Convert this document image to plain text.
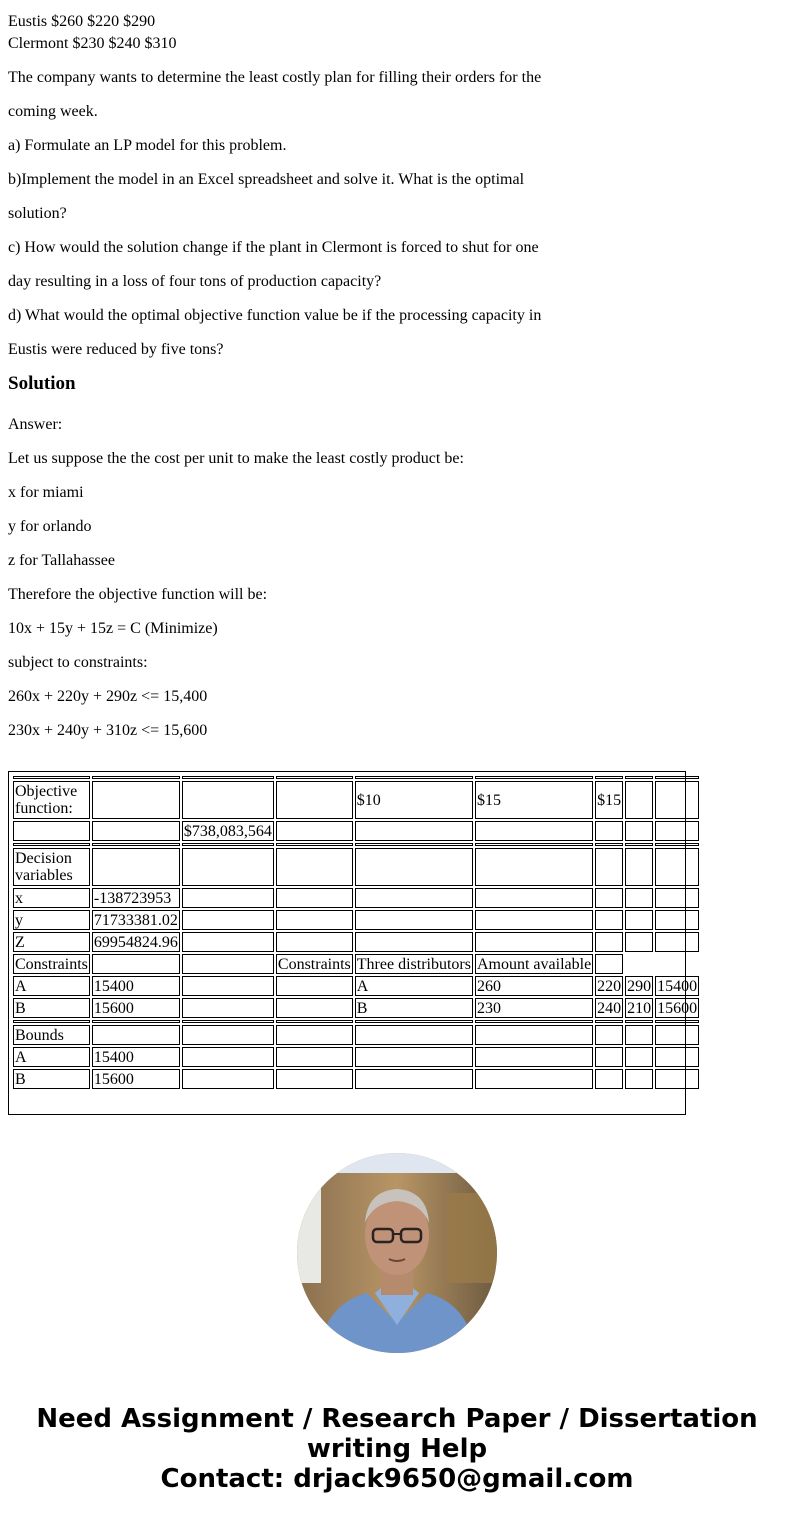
Eustis $260 $220 $290

Clermont $230 $240 $310

The company wants to determine the least costly plan for filling their orders for the

coming week.

a) Formulate an LP model for this problem.

b)Implement the model in an Excel spreadsheet and solve it. What is the optimal

solution?

c) How would the solution change if the plant in Clermont is forced to shut for one

day resulting in a loss of four tons of production capacity?

d) What would the optimal objective function value be if the processing capacity in

Eustis were reduced by five tons?

Solution

Answer:

Let us suppose the the cost per unit to make the least costly product be:

x for miami

y for orlando

z for Tallahassee

Therefore the objective function will be:

10x + 15y + 15z = C (Minimize)

subject to constraints:

260x + 220y + 290z <= 15,400

230x + 240y + 310z <= 15,600

Objective function:				$10	$15	$15		
		$738,083,564						

Decision variables								
x	-138723953							
y	71733381.02							
Z	69954824.96							
Constraints			Constraints	Three distributors	Amount available			
A	15400			A	260	220	290	15400
B	15600			B	230	240	210	15600

Bounds								
A	15400							
B	15600							
Need Assignment / Research Paper / Dissertation
writing Help
Contact: drjack9650@gmail.com
